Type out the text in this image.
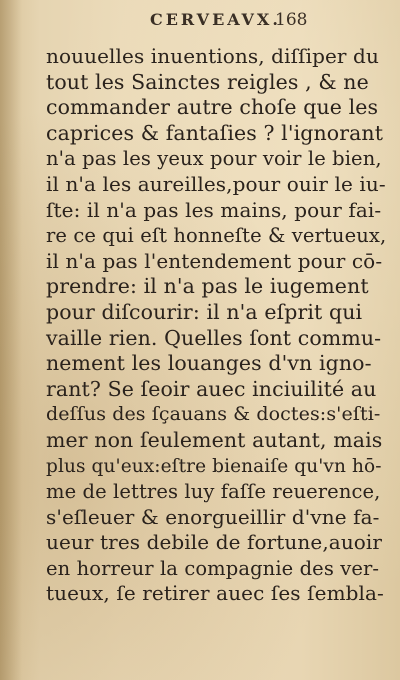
CERVEAVX.
168
nouuelles inuentions, diſſiper du
tout les Sainctes reigles , & ne
commander autre choſe que les
caprices & fantaſies ? l'ignorant
n'a pas les yeux pour voir le bien,
il n'a les aureilles,pour ouir le iu-
ſte: il n'a pas les mains, pour fai-
re ce qui eſt honneſte & vertueux,
il n'a pas l'entendement pour cō-
prendre: il n'a pas le iugement
pour diſcourir: il n'a eſprit qui
vaille rien. Quelles ſont commu-
nement les louanges d'vn igno-
rant? Se ſeoir auec inciuilité au
deſſus des ſçauans & doctes:s'eſti-
mer non ſeulement autant, mais
plus qu'eux:eſtre bienaiſe qu'vn hō-
me de lettres luy faſſe reuerence,
s'eſleuer & enorgueillir d'vne fa-
ueur tres debile de fortune,auoir
en horreur la compagnie des ver-
tueux, ſe retirer auec ſes ſembla-
